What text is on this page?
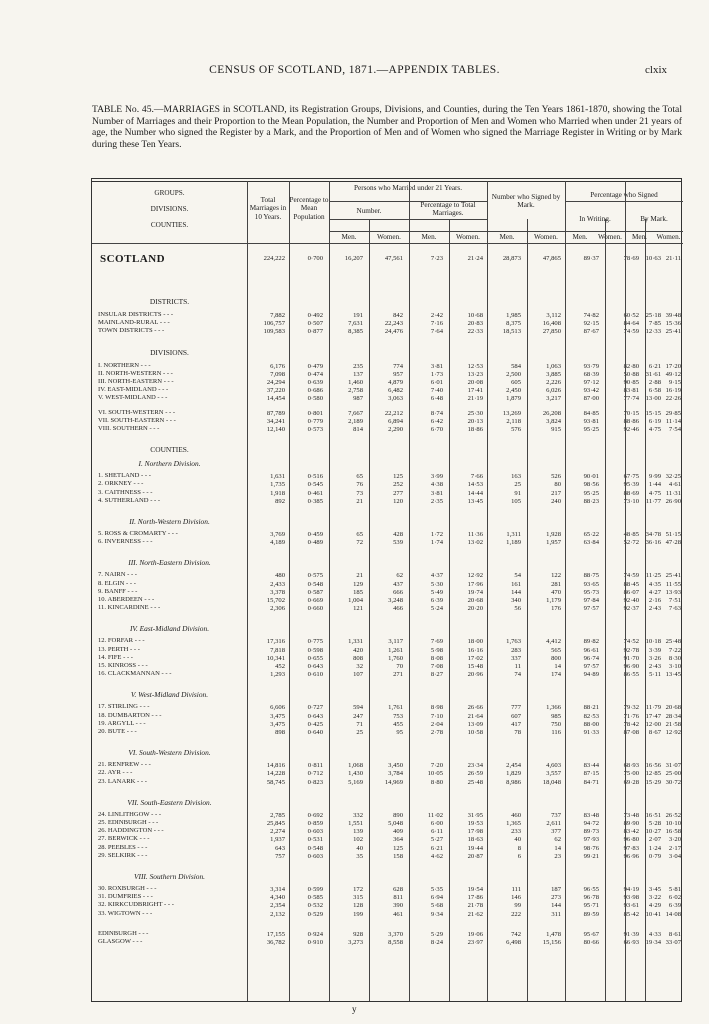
CENSUS OF SCOTLAND, 1871.—APPENDIX TABLES.	clxix
TABLE No. 45.—MARRIAGES in SCOTLAND, its Registration Groups, Divisions, and Counties, during the Ten Years 1861-1870, showing the Total Number of Marriages and their Proportion to the Mean Population, the Number and Proportion of Men and Women who Married when under 21 years of age, the Number who signed the Register by a Mark, and the Proportion of Men and of Women who signed the Marriage Register in Writing or by Mark during these Ten Years.
GROUPS.
DIVISIONS.
COUNTIES.
Total Marriages in 10 Years.
Percentage to Mean Population
Persons who Married under 21 Years.
Number.
Percentage to Total Marriages.
Number who Signed by Mark.
Percentage who Signed
In Writing.	By Mark.
SCOTLAND	224,222	0·700	16,207	47,561	7·23	21·24	28,873	47,865	89·37	78·69	10·63 21·11
DISTRICTS.
INSULAR DISTRICTS - - -	7,882	0·492	191	842	2·42	10·68	1,985	3,112	74·82	60·52	25·18 39·48
MAINLAND-RURAL - - -	106,757	0·507	7,631	22,243	7·16	20·83	8,375	16,408	92·15	84·64	7·85 15·36
TOWN DISTRICTS - - -	109,583	0·877	8,385	24,476	7·64	22·33	18,513	27,850	87·67	74·59	12·33 25·41
DIVISIONS.
I. NORTHERN - - -	6,176	0·479	235	774	3·81	12·53	584	1,063	93·79	82·80	6·21 17·20
II. NORTH-WESTERN - - -	7,098	0·474	137	957	1·73	13·23	2,500	3,885	68·39	50·88	31·61 49·12
III. NORTH-EASTERN - - -	24,294	0·639	1,460	4,879	6·01	20·08	605	2,226	97·12	90·85	2·88	9·15
IV. EAST-MIDLAND - - -	37,220	0·686	2,758	6,482	7·40	17·41	2,450	6,026	93·42	83·81	6·58 16·19
V. WEST-MIDLAND - - -	14,454	0·580	987	3,063	6·48	21·19	1,879	3,217	87·00	77·74	13·00 22·26
VI. SOUTH-WESTERN - - -	87,789	0·801	7,667	22,212	8·74	25·30	13,269	26,208	84·85	70·15	15·15 29·85
VII. SOUTH-EASTERN - - -	34,241	0·779	2,189	6,894	6·42	20·13	2,118	3,824	93·81	88·86	6·19 11·14
VIII. SOUTHERN - - -	12,140	0·573	814	2,290	6·70	18·86	576	915	95·25	92·46	4·75	7·54
COUNTIES.
I. Northern Division.
1. SHETLAND - - -	1,631	0·516	65	125	3·99	7·66	163	526	90·01	67·75	9·99 32·25
2. ORKNEY - - -	1,735	0·545	76	252	4·38	14·53	25	80	98·56	95·39	1·44	4·61
3. CAITHNESS - - -	1,918	0·461	73	277	3·81	14·44	91	217	95·25	88·69	4·75 11·31
4. SUTHERLAND - - -	892	0·385	21	120	2·35	13·45	105	240	88·23	73·10	11·77 26·90
II. North-Western Division.
5. ROSS & CROMARTY - - -	3,769	0·459	65	428	1·72	11·36	1,311	1,928	65·22	48·85	34·78 51·15
6. INVERNESS - - -	4,189	0·489	72	539	1·74	13·02	1,189	1,957	63·84	52·72	36·16 47·28
III. North-Eastern Division.
7. NAIRN - - -	480	0·575	21	62	4·37	12·92	54	122	88·75	74·59	11·25 25·41
8. ELGIN - - -	2,433	0·548	129	437	5·30	17·96	161	281	93·65	88·45	4·35 11·55
9. BANFF - - -	3,378	0·587	185	666	5·49	19·74	144	470	95·73	86·07	4·27 13·93
10. ABERDEEN - - -	15,702	0·669	1,004	3,248	6·39	20·68	340	1,179	97·84	92·40	2·16	7·51
11. KINCARDINE - - -	2,306	0·660	121	466	5·24	20·20	56	176	97·57	92·37	2·43	7·63
IV. East-Midland Division.
12. FORFAR - - -	17,316	0·775	1,331	3,117	7·69	18·00	1,763	4,412	89·82	74·52	10·18 25·48
13. PERTH - - -	7,818	0·598	420	1,261	5·98	16·16	283	565	96·61	92·78	3·39	7·22
14. FIFE - - -	10,341	0·655	808	1,760	8·08	17·02	337	800	96·74	91·70	3·26	8·30
15. KINROSS - - -	452	0·643	32	70	7·08	15·48	11	14	97·57	96·90	2·43	3·10
16. CLACKMANNAN - - -	1,293	0·610	107	271	8·27	20·96	74	174	94·89	86·55	5·11 13·45
V. West-Midland Division.
17. STIRLING - - -	6,606	0·727	594	1,761	8·98	26·66	777	1,366	88·21	79·32	11·79 20·68
18. DUMBARTON - - -	3,475	0·643	247	753	7·10	21·64	607	985	82·53	71·76	17·47 28·34
19. ARGYLL - - -	3,475	0·425	71	455	2·04	13·09	417	750	88·00	78·42	12·00 21·58
20. BUTE - - -	898	0·640	25	95	2·78	10·58	78	116	91·33	87·08	8·67 12·92
VI. South-Western Division.
21. RENFREW - - -	14,816	0·811	1,068	3,450	7·20	23·34	2,454	4,603	83·44	68·93	16·56 31·07
22. AYR - - -	14,228	0·712	1,430	3,784	10·05	26·59	1,829	3,557	87·15	75·00	12·85 25·00
23. LANARK - - -	58,745	0·823	5,169	14,969	8·80	25·48	8,986	18,048	84·71	69·28	15·29 30·72
VII. South-Eastern Division.
24. LINLITHGOW - - -	2,785	0·692	332	890	11·02	31·95	460	737	83·48	73·48	16·51 26·52
25. EDINBURGH - - -	25,845	0·859	1,551	5,048	6·00	19·53	1,365	2,611	94·72	89·90	5·28 10·10
26. HADDINGTON - - -	2,274	0·603	139	409	6·11	17·98	233	377	89·73	83·42	10·27 16·58
27. BERWICK - - -	1,937	0·531	102	364	5·27	18·63	40	62	97·93	96·80	2·07	3·20
28. PEEBLES - - -	643	0·548	40	125	6·21	19·44	8	14	98·76	97·83	1·24	2·17
29. SELKIRK - - -	757	0·603	35	158	4·62	20·87	6	23	99·21	96·96	0·79	3·04
VIII. Southern Division.
30. ROXBURGH - - -	3,314	0·599	172	628	5·35	19·54	111	187	96·55	94·19	3·45	5·81
31. DUMFRIES - - -	4,340	0·585	315	811	6·94	17·86	146	273	96·78	93·98	3·22	6·02
32. KIRKCUDBRIGHT - - -	2,354	0·532	128	390	5·68	21·78	99	144	95·71	93·61	4·29	6·39
33. WIGTOWN - - -	2,132	0·529	199	461	9·34	21·62	222	311	89·59	85·42	10·41 14·08
EDINBURGH - - -	17,155	0·924	928	3,370	5·29	19·06	742	1,478	95·67	91·39	4·33	8·61
GLASGOW - - -	36,782	0·910	3,273	8,558	8·24	23·97	6,498	15,156	80·66	66·93	19·34 33·07
Men.	Women.	Men.	Women.	Men.	Women.	Men.	Women.	Men.	Women.
y
